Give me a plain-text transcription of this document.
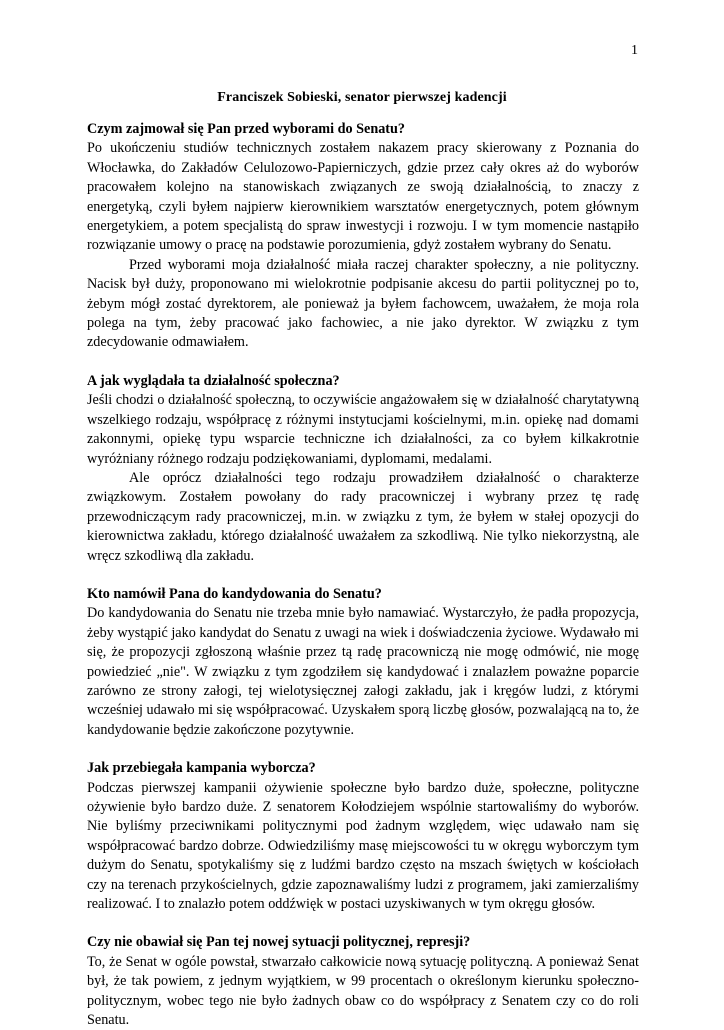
1
Franciszek Sobieski, senator pierwszej kadencji

Czym zajmował się Pan przed wyborami do Senatu?

Po ukończeniu studiów technicznych zostałem nakazem pracy skierowany z Poznania do Włocławka, do Zakładów Celulozowo-Papierniczych, gdzie przez cały okres aż do wyborów pracowałem kolejno na stanowiskach związanych ze swoją działalnością, to znaczy z energetyką, czyli byłem najpierw kierownikiem warsztatów energetycznych, potem głównym energetykiem, a potem specjalistą do spraw inwestycji i rozwoju. I w tym momencie nastąpiło rozwiązanie umowy o pracę na podstawie porozumienia, gdyż zostałem wybrany do Senatu.

Przed wyborami moja działalność miała raczej charakter społeczny, a nie polityczny. Nacisk był duży, proponowano mi wielokrotnie podpisanie akcesu do partii politycznej po to, żebym mógł zostać dyrektorem, ale ponieważ ja byłem fachowcem, uważałem, że moja rola polega na tym, żeby pracować jako fachowiec, a nie jako dyrektor. W związku z tym zdecydowanie odmawiałem.

A jak wyglądała ta działalność społeczna?

Jeśli chodzi o działalność społeczną, to oczywiście angażowałem się w działalność charytatywną wszelkiego rodzaju, współpracę z różnymi instytucjami kościelnymi, m.in. opiekę nad domami zakonnymi, opiekę typu wsparcie techniczne ich działalności, za co byłem kilkakrotnie wyróżniany różnego rodzaju podziękowaniami, dyplomami, medalami.

Ale oprócz działalności tego rodzaju prowadziłem działalność o charakterze związkowym. Zostałem powołany do rady pracowniczej i wybrany przez tę radę przewodniczącym rady pracowniczej, m.in. w związku z tym, że byłem w stałej opozycji do kierownictwa zakładu, którego działalność uważałem za szkodliwą. Nie tylko niekorzystną, ale wręcz szkodliwą dla zakładu.

Kto namówił Pana do kandydowania do Senatu?

Do kandydowania do Senatu nie trzeba mnie było namawiać. Wystarczyło, że padła propozycja, żeby wystąpić jako kandydat do Senatu z uwagi na wiek i doświadczenia życiowe. Wydawało mi się, że propozycji zgłoszoną właśnie przez tą radę pracowniczą nie mogę odmówić, nie mogę powiedzieć „nie". W związku z tym zgodziłem się kandydować i znalazłem poważne poparcie zarówno ze strony załogi, tej wielotysięcznej załogi zakładu, jak i kręgów ludzi, z którymi wcześniej udawało mi się współpracować. Uzyskałem sporą liczbę głosów, pozwalającą na to, że kandydowanie będzie zakończone pozytywnie.

Jak przebiegała kampania wyborcza?

Podczas pierwszej kampanii ożywienie społeczne było bardzo duże, społeczne, polityczne ożywienie było bardzo duże. Z senatorem Kołodziejem wspólnie startowaliśmy do wyborów. Nie byliśmy przeciwnikami politycznymi pod żadnym względem, więc udawało nam się współpracować bardzo dobrze. Odwiedziliśmy masę miejscowości tu w okręgu wyborczym tym dużym do Senatu, spotykaliśmy się z ludźmi bardzo często na mszach świętych w kościołach czy na terenach przykościelnych, gdzie zapoznawaliśmy ludzi z programem, jaki zamierzaliśmy realizować. I to znalazło potem oddźwięk w postaci uzyskiwanych w tym okręgu głosów.

Czy nie obawiał się Pan tej nowej sytuacji politycznej, represji?

To, że Senat w ogóle powstał, stwarzało całkowicie nową sytuację polityczną. A ponieważ Senat był, że tak powiem, z jednym wyjątkiem, w 99 procentach o określonym kierunku społeczno-politycznym, wobec tego nie było żadnych obaw co do współpracy z Senatem czy co do roli Senatu.
